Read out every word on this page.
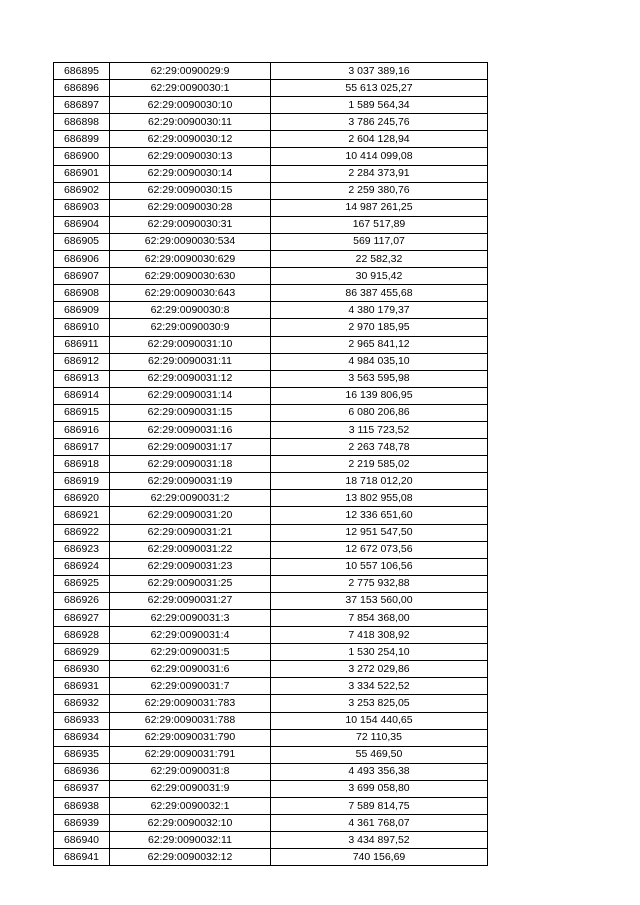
686895	62:29:0090029:9	3 037 389,16
686896	62:29:0090030:1	55 613 025,27
686897	62:29:0090030:10	1 589 564,34
686898	62:29:0090030:11	3 786 245,76
686899	62:29:0090030:12	2 604 128,94
686900	62:29:0090030:13	10 414 099,08
686901	62:29:0090030:14	2 284 373,91
686902	62:29:0090030:15	2 259 380,76
686903	62:29:0090030:28	14 987 261,25
686904	62:29:0090030:31	167 517,89
686905	62:29:0090030:534	569 117,07
686906	62:29:0090030:629	22 582,32
686907	62:29:0090030:630	30 915,42
686908	62:29:0090030:643	86 387 455,68
686909	62:29:0090030:8	4 380 179,37
686910	62:29:0090030:9	2 970 185,95
686911	62:29:0090031:10	2 965 841,12
686912	62:29:0090031:11	4 984 035,10
686913	62:29:0090031:12	3 563 595,98
686914	62:29:0090031:14	16 139 806,95
686915	62:29:0090031:15	6 080 206,86
686916	62:29:0090031:16	3 115 723,52
686917	62:29:0090031:17	2 263 748,78
686918	62:29:0090031:18	2 219 585,02
686919	62:29:0090031:19	18 718 012,20
686920	62:29:0090031:2	13 802 955,08
686921	62:29:0090031:20	12 336 651,60
686922	62:29:0090031:21	12 951 547,50
686923	62:29:0090031:22	12 672 073,56
686924	62:29:0090031:23	10 557 106,56
686925	62:29:0090031:25	2 775 932,88
686926	62:29:0090031:27	37 153 560,00
686927	62:29:0090031:3	7 854 368,00
686928	62:29:0090031:4	7 418 308,92
686929	62:29:0090031:5	1 530 254,10
686930	62:29:0090031:6	3 272 029,86
686931	62:29:0090031:7	3 334 522,52
686932	62:29:0090031:783	3 253 825,05
686933	62:29:0090031:788	10 154 440,65
686934	62:29:0090031:790	72 110,35
686935	62:29:0090031:791	55 469,50
686936	62:29:0090031:8	4 493 356,38
686937	62:29:0090031:9	3 699 058,80
686938	62:29:0090032:1	7 589 814,75
686939	62:29:0090032:10	4 361 768,07
686940	62:29:0090032:11	3 434 897,52
686941	62:29:0090032:12	740 156,69
